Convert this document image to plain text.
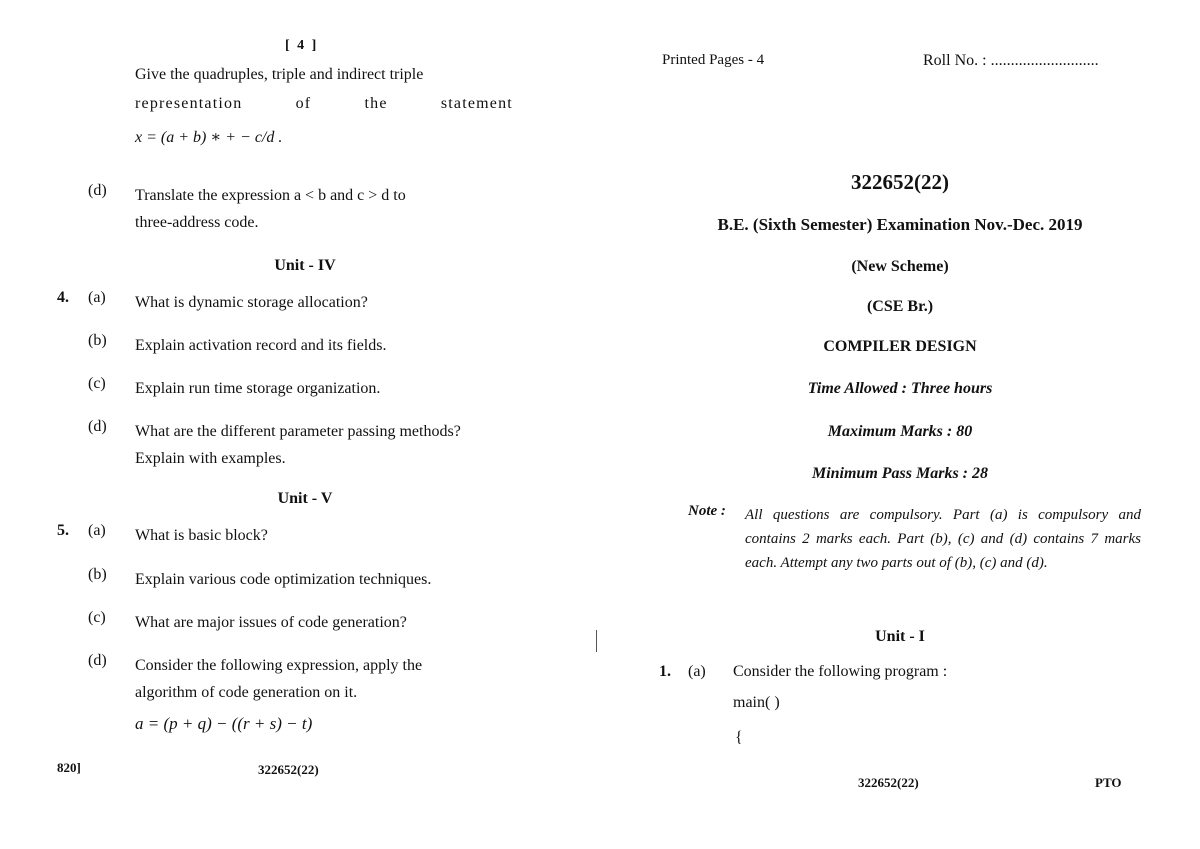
[ 4 ]
Give the quadruples, triple and indirect triple
representation	of	the	statement
x = (a + b) ∗ + − c/d .
(d) Translate the expression a < b and c > d to
three-address code.
Unit - IV
4. (a) What is dynamic storage allocation?
(b) Explain activation record and its fields.
(c) Explain run time storage organization.
(d) What are the different parameter passing methods?
Explain with examples.
Unit - V
5. (a) What is basic block?
(b) Explain various code optimization techniques.
(c) What are major issues of code generation?
(d) Consider the following expression, apply the
algorithm of code generation on it.
a = (p + q) − ((r + s) − t)
820]	322652(22)
Printed Pages - 4	Roll No. : ...........................
322652(22)
B.E. (Sixth Semester) Examination Nov.-Dec. 2019
(New Scheme)
(CSE Br.)
COMPILER DESIGN
Time Allowed : Three hours
Maximum Marks : 80
Minimum Pass Marks : 28
Note : All questions are compulsory. Part (a) is compulsory and contains 2 marks each. Part (b), (c) and (d) contains 7 marks each. Attempt any two parts out of (b), (c) and (d).
Unit - I
1. (a) Consider the following program :
main( )
{
322652(22)	PTO
